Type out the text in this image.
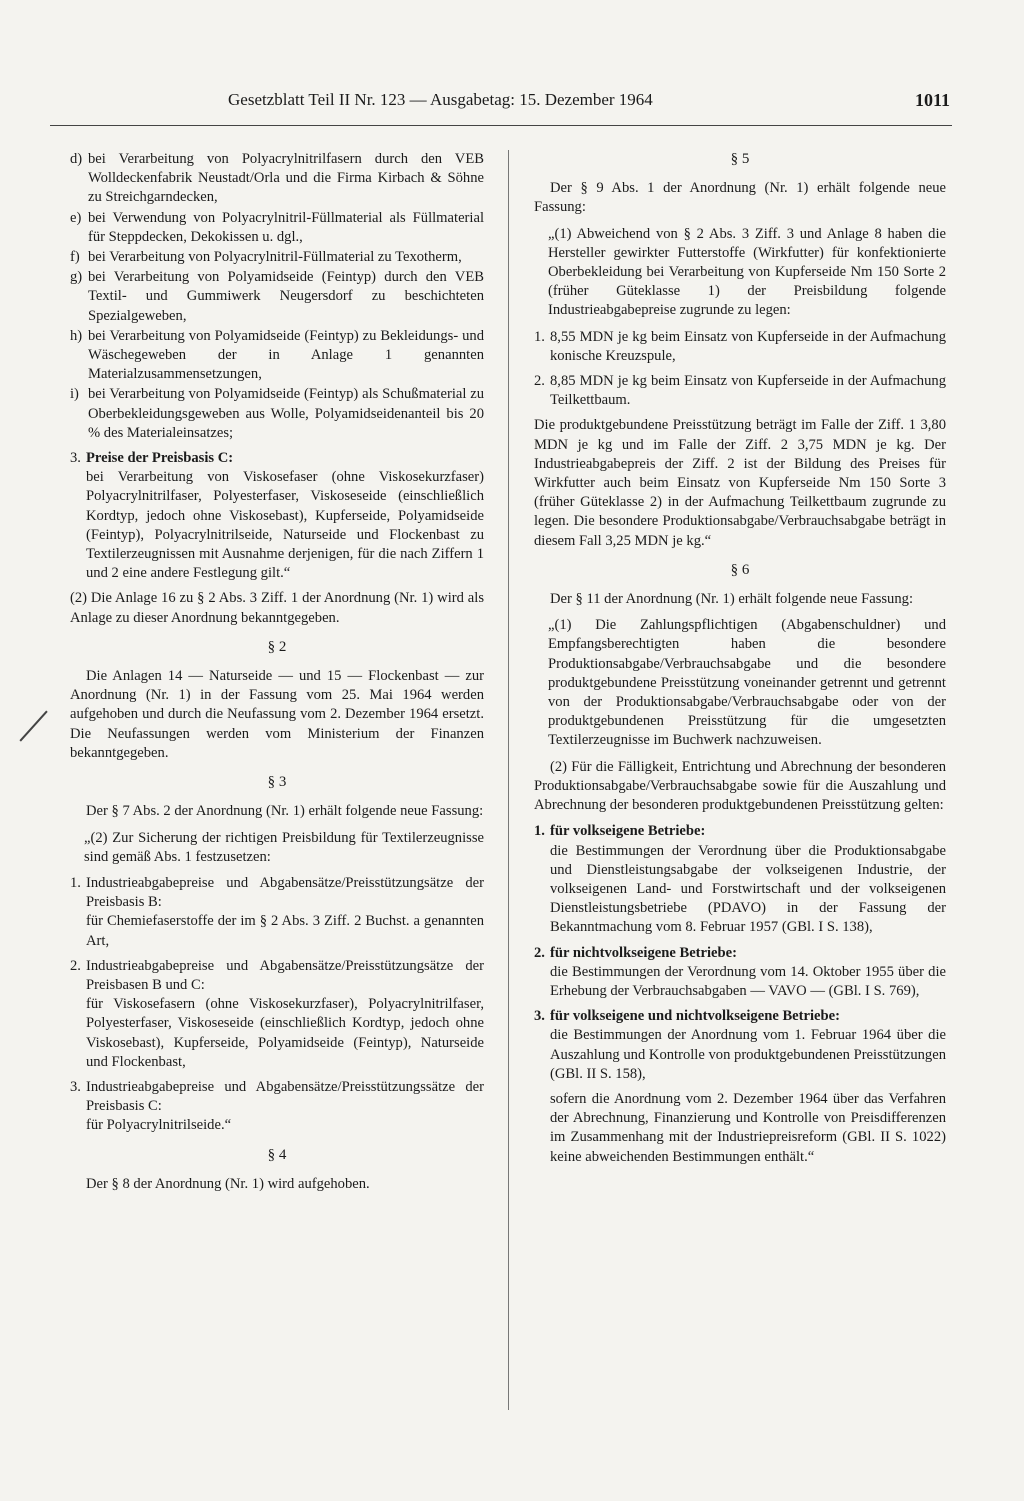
Gesetzblatt Teil II Nr. 123 — Ausgabetag: 15. Dezember 1964	1011
d) bei Verarbeitung von Polyacrylnitrilfasern durch den VEB Wolldeckenfabrik Neustadt/Orla und die Firma Kirbach & Söhne zu Streichgarndecken,
e) bei Verwendung von Polyacrylnitril-Füllmaterial als Füllmaterial für Steppdecken, Dekokissen u. dgl.,
f) bei Verarbeitung von Polyacrylnitril-Füllmaterial zu Texotherm,
g) bei Verarbeitung von Polyamidseide (Feintyp) durch den VEB Textil- und Gummiwerk Neugersdorf zu beschichteten Spezialgeweben,
h) bei Verarbeitung von Polyamidseide (Feintyp) zu Bekleidungs- und Wäschegeweben der in Anlage 1 genannten Materialzusammensetzungen,
i) bei Verarbeitung von Polyamidseide (Feintyp) als Schußmaterial zu Oberbekleidungsgeweben aus Wolle, Polyamidseidenanteil bis 20 % des Materialeinsatzes;
3. Preise der Preisbasis C:
bei Verarbeitung von Viskosefaser (ohne Viskosekurzfaser) Polyacrylnitrilfaser, Polyesterfaser, Viskoseseide (einschließlich Kordtyp, jedoch ohne Viskosebast), Kupferseide, Polyamidseide (Feintyp), Polyacrylnitrilseide, Naturseide und Flockenbast zu Textilerzeugnissen mit Ausnahme derjenigen, für die nach Ziffern 1 und 2 eine andere Festlegung gilt.“

(2) Die Anlage 16 zu § 2 Abs. 3 Ziff. 1 der Anordnung (Nr. 1) wird als Anlage zu dieser Anordnung bekanntgegeben.

§ 2

Die Anlagen 14 — Naturseide — und 15 — Flockenbast — zur Anordnung (Nr. 1) in der Fassung vom 25. Mai 1964 werden aufgehoben und durch die Neufassung vom 2. Dezember 1964 ersetzt. Die Neufassungen werden vom Ministerium der Finanzen bekanntgegeben.

§ 3

Der § 7 Abs. 2 der Anordnung (Nr. 1) erhält folgende neue Fassung:

„(2) Zur Sicherung der richtigen Preisbildung für Textilerzeugnisse sind gemäß Abs. 1 festzusetzen:

1. Industrieabgabepreise und Abgabensätze/Preisstützungsätze der Preisbasis B:
für Chemiefaserstoffe der im § 2 Abs. 3 Ziff. 2 Buchst. a genannten Art,
2. Industrieabgabepreise und Abgabensätze/Preisstützungsätze der Preisbasen B und C:
für Viskosefasern (ohne Viskosekurzfaser), Polyacrylnitrilfaser, Polyesterfaser, Viskoseseide (einschließlich Kordtyp, jedoch ohne Viskosebast), Kupferseide, Polyamidseide (Feintyp), Naturseide und Flockenbast,
3. Industrieabgabepreise und Abgabensätze/Preisstützungssätze der Preisbasis C:
für Polyacrylnitrilseide.“
§ 4

Der § 8 der Anordnung (Nr. 1) wird aufgehoben.

§ 5

Der § 9 Abs. 1 der Anordnung (Nr. 1) erhält folgende neue Fassung:

„(1) Abweichend von § 2 Abs. 3 Ziff. 3 und Anlage 8 haben die Hersteller gewirkter Futterstoffe (Wirkfutter) für konfektionierte Oberbekleidung bei Verarbeitung von Kupferseide Nm 150 Sorte 2 (früher Güteklasse 1) der Preisbildung folgende Industrieabgabepreise zugrunde zu legen:

1. 8,55 MDN je kg beim Einsatz von Kupferseide in der Aufmachung konische Kreuzspule,
2. 8,85 MDN je kg beim Einsatz von Kupferseide in der Aufmachung Teilkettbaum.

Die produktgebundene Preisstützung beträgt im Falle der Ziff. 1 3,80 MDN je kg und im Falle der Ziff. 2 3,75 MDN je kg. Der Industrieabgabepreis der Ziff. 2 ist der Bildung des Preises für Wirkfutter auch beim Einsatz von Kupferseide Nm 150 Sorte 3 (früher Güteklasse 2) in der Aufmachung Teilkettbaum zugrunde zu legen. Die besondere Produktionsabgabe/Verbrauchsabgabe beträgt in diesem Fall 3,25 MDN je kg.“

§ 6

Der § 11 der Anordnung (Nr. 1) erhält folgende neue Fassung:

„(1) Die Zahlungspflichtigen (Abgabenschuldner) und Empfangsberechtigten haben die besondere Produktionsabgabe/Verbrauchsabgabe und die besondere produktgebundene Preisstützung voneinander getrennt und getrennt von der Produktionsabgabe/Verbrauchsabgabe oder von der produktgebundenen Preisstützung für die umgesetzten Textilerzeugnisse im Buchwerk nachzuweisen.

(2) Für die Fälligkeit, Entrichtung und Abrechnung der besonderen Produktionsabgabe/Verbrauchsabgabe sowie für die Auszahlung und Abrechnung der besonderen produktgebundenen Preisstützung gelten:

1. für volkseigene Betriebe:
die Bestimmungen der Verordnung über die Produktionsabgabe und Dienstleistungsabgabe der volkseigenen Industrie, der volkseigenen Land- und Forstwirtschaft und der volkseigenen Dienstleistungsbetriebe (PDAVO) in der Fassung der Bekanntmachung vom 8. Februar 1957 (GBl. I S. 138),
2. für nichtvolkseigene Betriebe:
die Bestimmungen der Verordnung vom 14. Oktober 1955 über die Erhebung der Verbrauchsabgaben — VAVO — (GBl. I S. 769),
3. für volkseigene und nichtvolkseigene Betriebe:
die Bestimmungen der Anordnung vom 1. Februar 1964 über die Auszahlung und Kontrolle von produktgebundenen Preisstützungen (GBl. II S. 158),

sofern die Anordnung vom 2. Dezember 1964 über das Verfahren der Abrechnung, Finanzierung und Kontrolle von Preisdifferenzen im Zusammenhang mit der Industriepreisreform (GBl. II S. 1022) keine abweichenden Bestimmungen enthält.“
